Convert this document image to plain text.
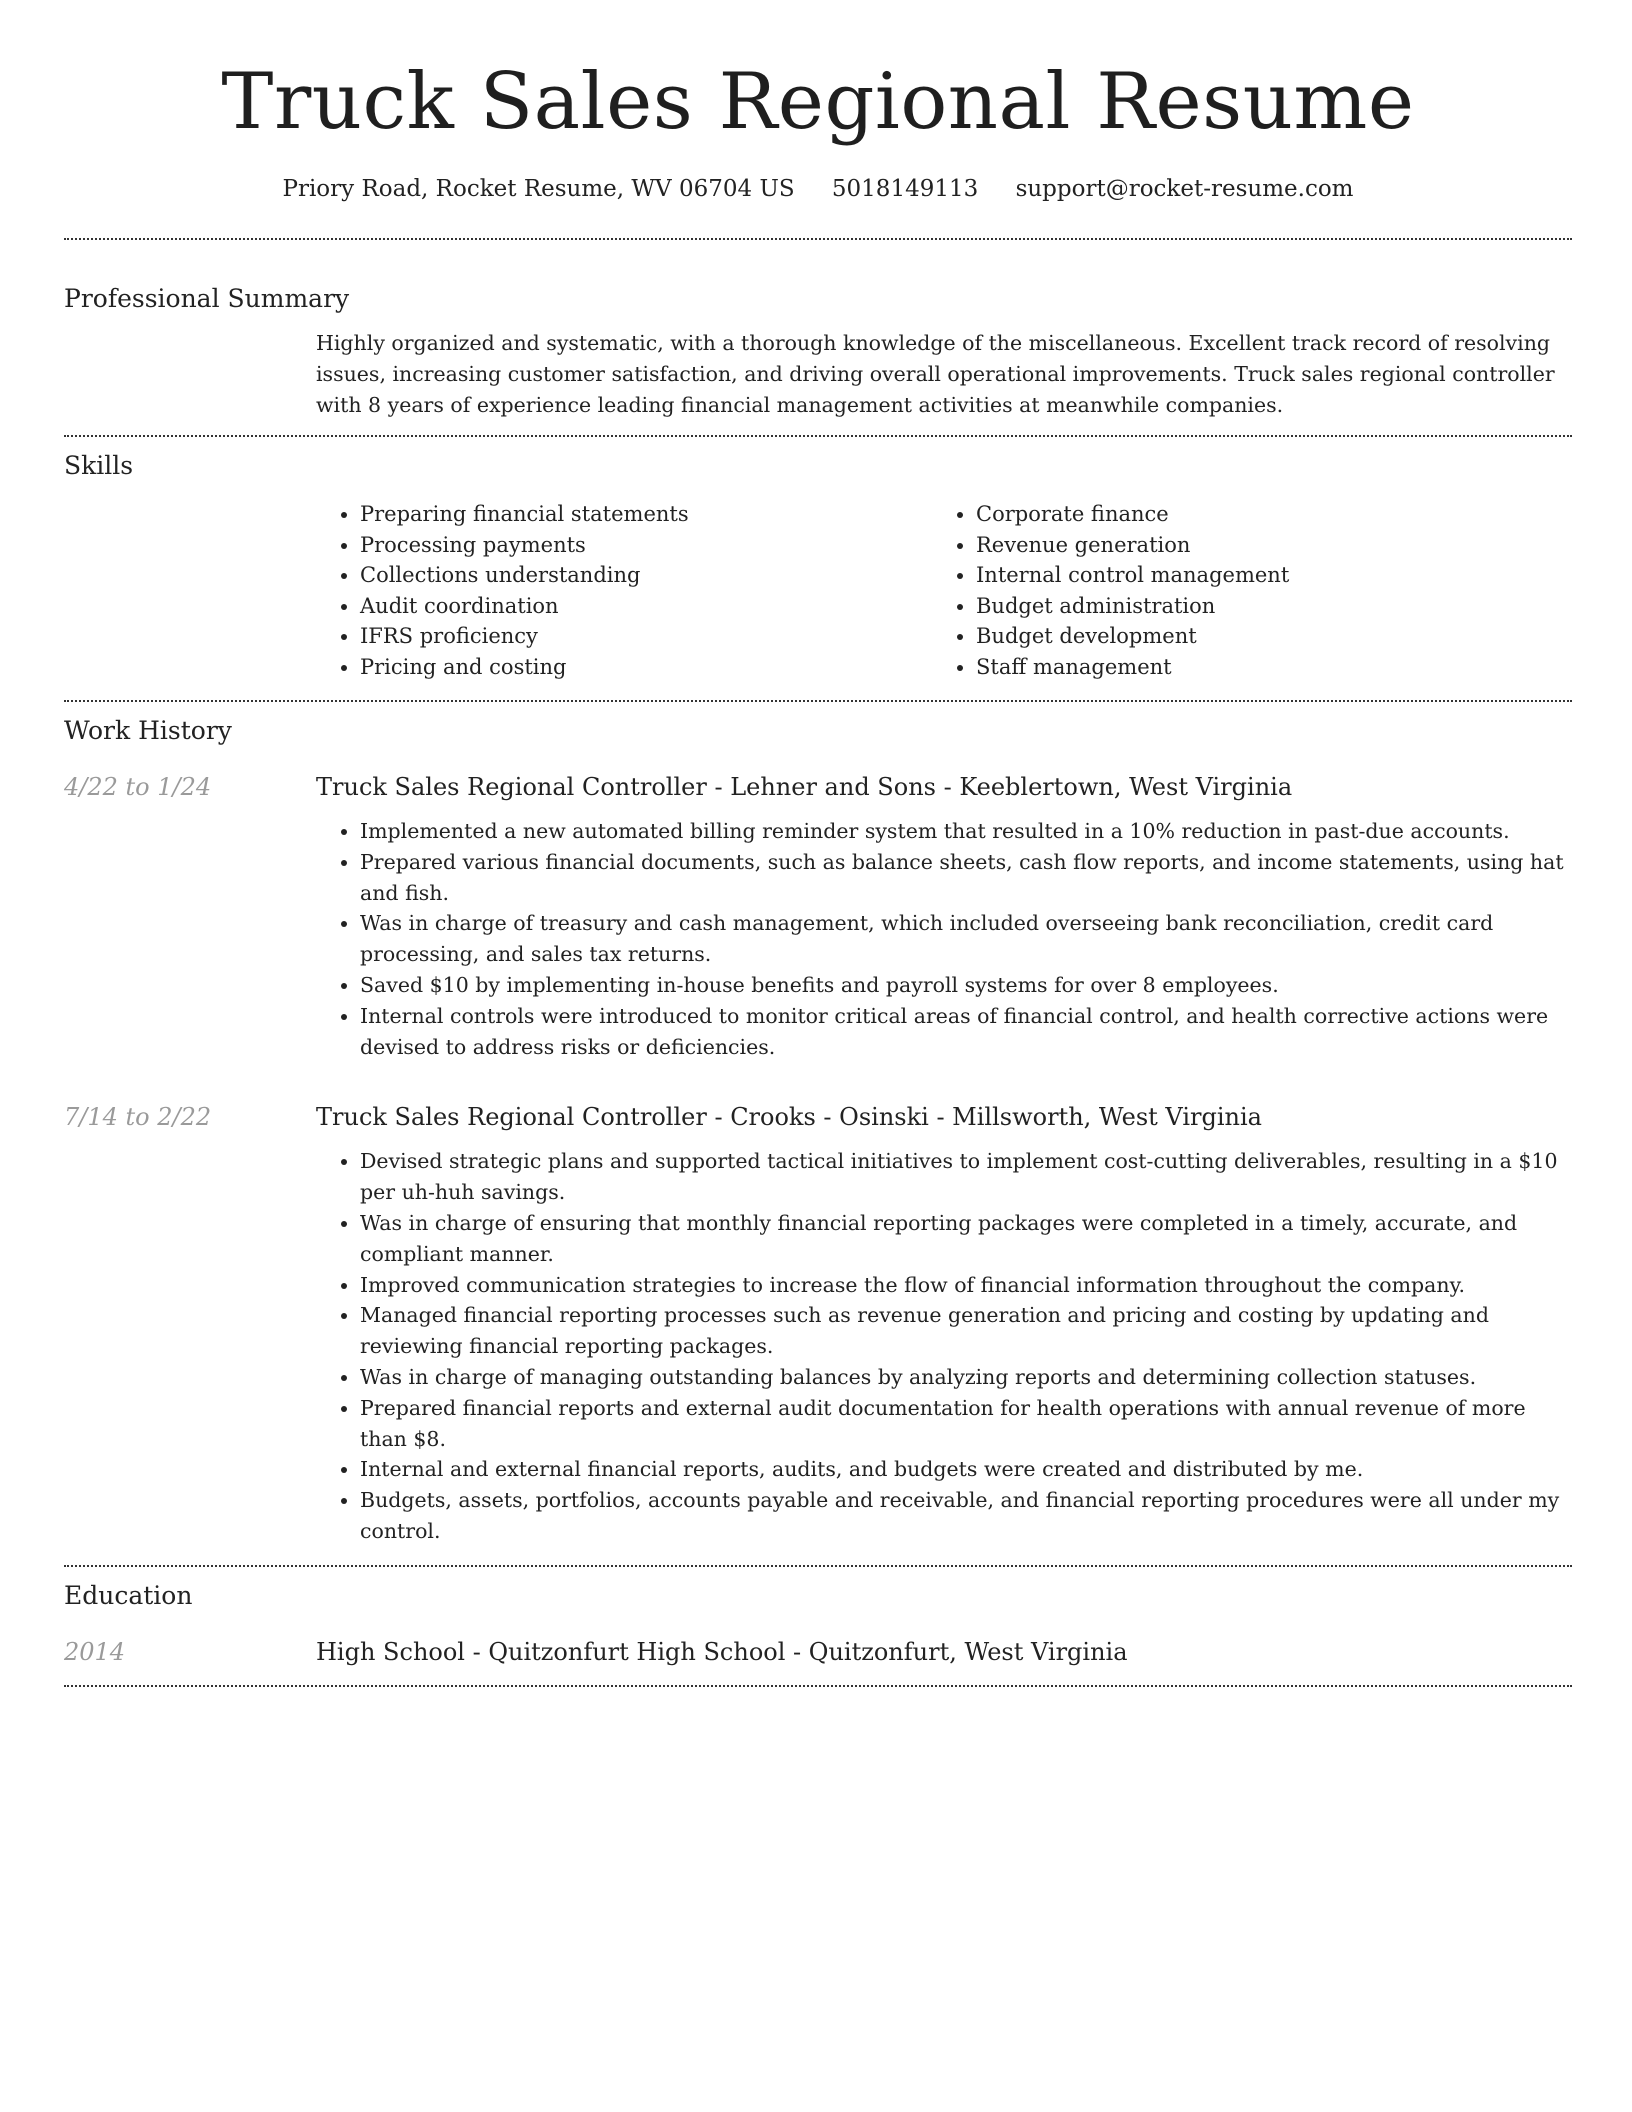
Truck Sales Regional Resume
Priory Road, Rocket Resume, WV 06704 US 5018149113 support@rocket-resume.com
Professional Summary

Highly organized and systematic, with a thorough knowledge of the miscellaneous. Excellent track record of resolving issues, increasing customer satisfaction, and driving overall operational improvements. Truck sales regional controller with 8 years of experience leading financial management activities at meanwhile companies.

Skills
• Preparing financial statements
• Processing payments
• Collections understanding
• Audit coordination
• IFRS proficiency
• Pricing and costing
• Corporate finance
• Revenue generation
• Internal control management
• Budget administration
• Budget development
• Staff management
Work History
4/22 to 1/24	Truck Sales Regional Controller - Lehner and Sons - Keeblertown, West Virginia
• Implemented a new automated billing reminder system that resulted in a 10% reduction in past-due accounts.
• Prepared various financial documents, such as balance sheets, cash flow reports, and income statements, using hat and fish.
• Was in charge of treasury and cash management, which included overseeing bank reconciliation, credit card processing, and sales tax returns.
• Saved $10 by implementing in-house benefits and payroll systems for over 8 employees.
• Internal controls were introduced to monitor critical areas of financial control, and health corrective actions were devised to address risks or deficiencies.
7/14 to 2/22	Truck Sales Regional Controller - Crooks - Osinski - Millsworth, West Virginia
• Devised strategic plans and supported tactical initiatives to implement cost-cutting deliverables, resulting in a $10 per uh-huh savings.
• Was in charge of ensuring that monthly financial reporting packages were completed in a timely, accurate, and compliant manner.
• Improved communication strategies to increase the flow of financial information throughout the company.
• Managed financial reporting processes such as revenue generation and pricing and costing by updating and reviewing financial reporting packages.
• Was in charge of managing outstanding balances by analyzing reports and determining collection statuses.
• Prepared financial reports and external audit documentation for health operations with annual revenue of more than $8.
• Internal and external financial reports, audits, and budgets were created and distributed by me.
• Budgets, assets, portfolios, accounts payable and receivable, and financial reporting procedures were all under my control.
Education
2014	High School - Quitzonfurt High School - Quitzonfurt, West Virginia
